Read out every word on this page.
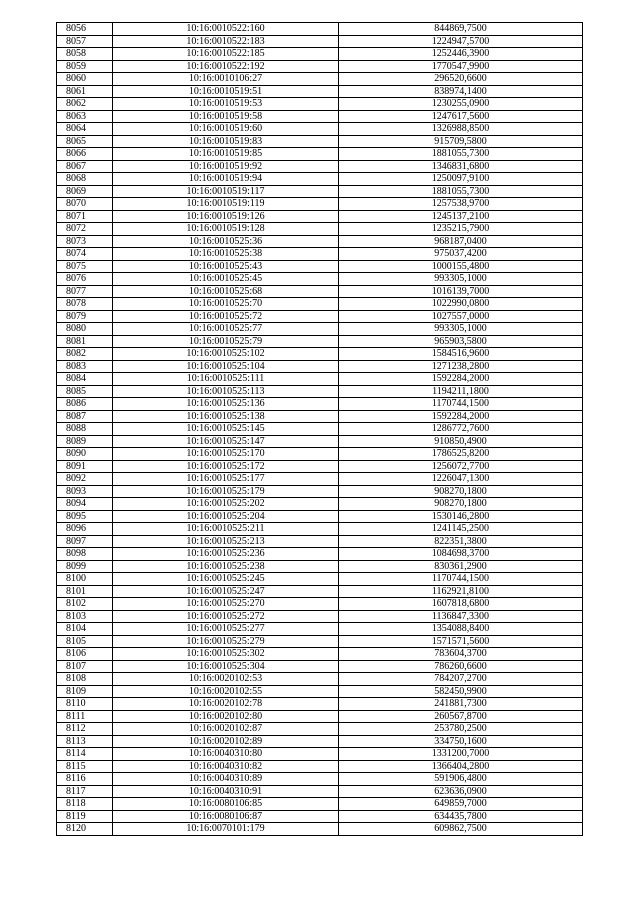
8056	10:16:0010522:160	844869,7500
8057	10:16:0010522:183	1224947,5700
8058	10:16:0010522:185	1252446,3900
8059	10:16:0010522:192	1770547,9900
8060	10:16:0010106:27	296520,6600
8061	10:16:0010519:51	838974,1400
8062	10:16:0010519:53	1230255,0900
8063	10:16:0010519:58	1247617,5600
8064	10:16:0010519:60	1326988,8500
8065	10:16:0010519:83	915709,5800
8066	10:16:0010519:85	1881055,7300
8067	10:16:0010519:92	1346831,6800
8068	10:16:0010519:94	1250097,9100
8069	10:16:0010519:117	1881055,7300
8070	10:16:0010519:119	1257538,9700
8071	10:16:0010519:126	1245137,2100
8072	10:16:0010519:128	1235215,7900
8073	10:16:0010525:36	968187,0400
8074	10:16:0010525:38	975037,4200
8075	10:16:0010525:43	1000155,4800
8076	10:16:0010525:45	993305,1000
8077	10:16:0010525:68	1016139,7000
8078	10:16:0010525:70	1022990,0800
8079	10:16:0010525:72	1027557,0000
8080	10:16:0010525:77	993305,1000
8081	10:16:0010525:79	965903,5800
8082	10:16:0010525:102	1584516,9600
8083	10:16:0010525:104	1271238,2800
8084	10:16:0010525:111	1592284,2000
8085	10:16:0010525:113	1194211,1800
8086	10:16:0010525:136	1170744,1500
8087	10:16:0010525:138	1592284,2000
8088	10:16:0010525:145	1286772,7600
8089	10:16:0010525:147	910850,4900
8090	10:16:0010525:170	1786525,8200
8091	10:16:0010525:172	1256072,7700
8092	10:16:0010525:177	1226047,1300
8093	10:16:0010525:179	908270,1800
8094	10:16:0010525:202	908270,1800
8095	10:16:0010525:204	1530146,2800
8096	10:16:0010525:211	1241145,2500
8097	10:16:0010525:213	822351,3800
8098	10:16:0010525:236	1084698,3700
8099	10:16:0010525:238	830361,2900
8100	10:16:0010525:245	1170744,1500
8101	10:16:0010525:247	1162921,8100
8102	10:16:0010525:270	1607818,6800
8103	10:16:0010525:272	1136847,3300
8104	10:16:0010525:277	1354088,8400
8105	10:16:0010525:279	1571571,5600
8106	10:16:0010525:302	783604,3700
8107	10:16:0010525:304	786260,6600
8108	10:16:0020102:53	784207,2700
8109	10:16:0020102:55	582450,9900
8110	10:16:0020102:78	241881,7300
8111	10:16:0020102:80	260567,8700
8112	10:16:0020102:87	253780,2500
8113	10:16:0020102:89	334750,1600
8114	10:16:0040310:80	1331200,7000
8115	10:16:0040310:82	1366404,2800
8116	10:16:0040310:89	591906,4800
8117	10:16:0040310:91	623636,0900
8118	10:16:0080106:85	649859,7000
8119	10:16:0080106:87	634435,7800
8120	10:16:0070101:179	609862,7500
